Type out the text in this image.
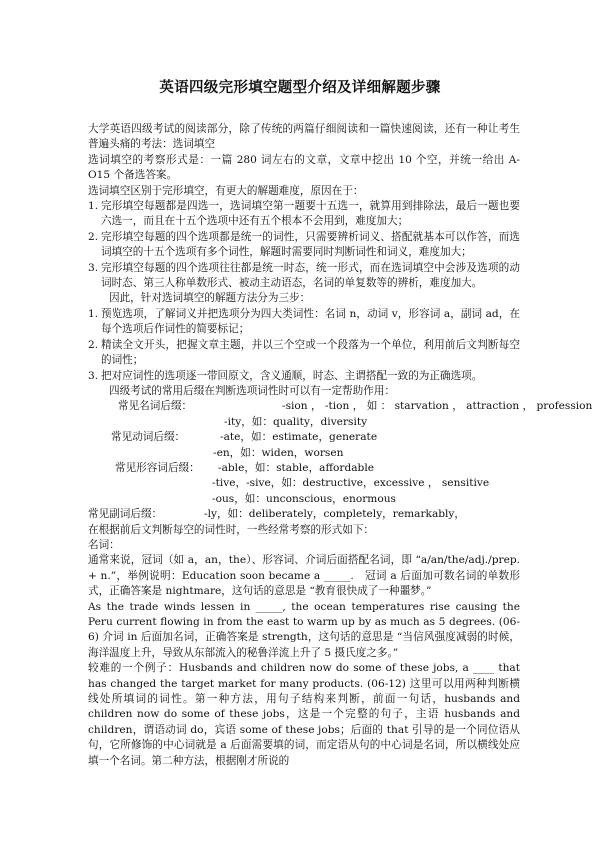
英语四级完形填空题型介绍及详细解题步骤

大学英语四级考试的阅读部分，除了传统的两篇仔细阅读和一篇快速阅读，还有一种让考生普遍头痛的考法：选词填空

选词填空的考察形式是：一篇 280 词左右的文章，文章中挖出 10 个空，并统一给出 A-O15 个备选答案。

选词填空区别于完形填空，有更大的解题难度，原因在于：

1. 完形填空每题都是四选一，选词填空第一题要十五选一，就算用到排除法，最后一题也要六选一，而且在十五个选项中还有五个根本不会用到，难度加大；

2. 完形填空每题的四个选项都是统一的词性，只需要辨析词义、搭配就基本可以作答，而选词填空的十五个选项有多个词性，解题时需要同时判断词性和词义，难度加大；

3. 完形填空每题的四个选项往往都是统一时态，统一形式，而在选词填空中会涉及选项的动词时态、第三人称单数形式、被动主动语态，名词的单复数等的辨析，难度加大。

因此，针对选词填空的解题方法分为三步：

1. 预览选项，了解词义并把选项分为四大类词性：名词 n，动词 v，形容词 a，副词 ad，在每个选项后作词性的简要标记；

2. 精读全文开头，把握文章主题，并以三个空或一个段落为一个单位，利用前后文判断每空的词性；

3. 把对应词性的选项逐一带回原文，含义通顺，时态、主谓搭配一致的为正确选项。

四级考试的常用后缀在判断选项词性时可以有一定帮助作用：

常见名词后缀：	-sion ， -tion ， 如 ： starvation ， attraction ， profession

-ity，如：quality，diversity

常见动词后缀：	-ate，如：estimate，generate

-en，如：widen，worsen

常见形容词后缀： -able，如：stable，affordable

-tive，-sive，如：destructive，excessive ， sensitive

-ous，如：unconscious，enormous

常见副词后缀：	-ly，如：deliberately，completely，remarkably，

在根据前后文判断每空的词性时，一些经常考察的形式如下：

名词：

通常来说，冠词（如 a，an，the）、形容词、介词后面搭配名词，即 “a/an/the/adj./prep. + n.”，举例说明：Education soon became a _____.　冠词 a 后面加可数名词的单数形式，正确答案是 nightmare，这句话的意思是 “教育很快成了一种噩梦。”

As the trade winds lessen in _____, the ocean temperatures rise causing the Peru current flowing in from the east to warm up by as much as 5 degrees. (06-6) 介词 in 后面加名词，正确答案是 strength，这句话的意思是 “当信风强度减弱的时候，海洋温度上升，导致从东部流入的秘鲁洋流上升了 5 摄氏度之多。”

较难的一个例子：Husbands and children now do some of these jobs, a ____ that has changed the target market for many products. (06-12) 这里可以用两种判断横线处所填词的词性。第一种方法，用句子结构来判断，前面一句话，husbands and children now do some of these jobs，这是一个完整的句子，主语 husbands and children，谓语动词 do，宾语 some of these jobs；后面的 that 引导的是一个同位语从句，它所修饰的中心词就是 a 后面需要填的词，而定语从句的中心词是名词，所以横线处应填一个名词。第二种方法，根据刚才所说的
